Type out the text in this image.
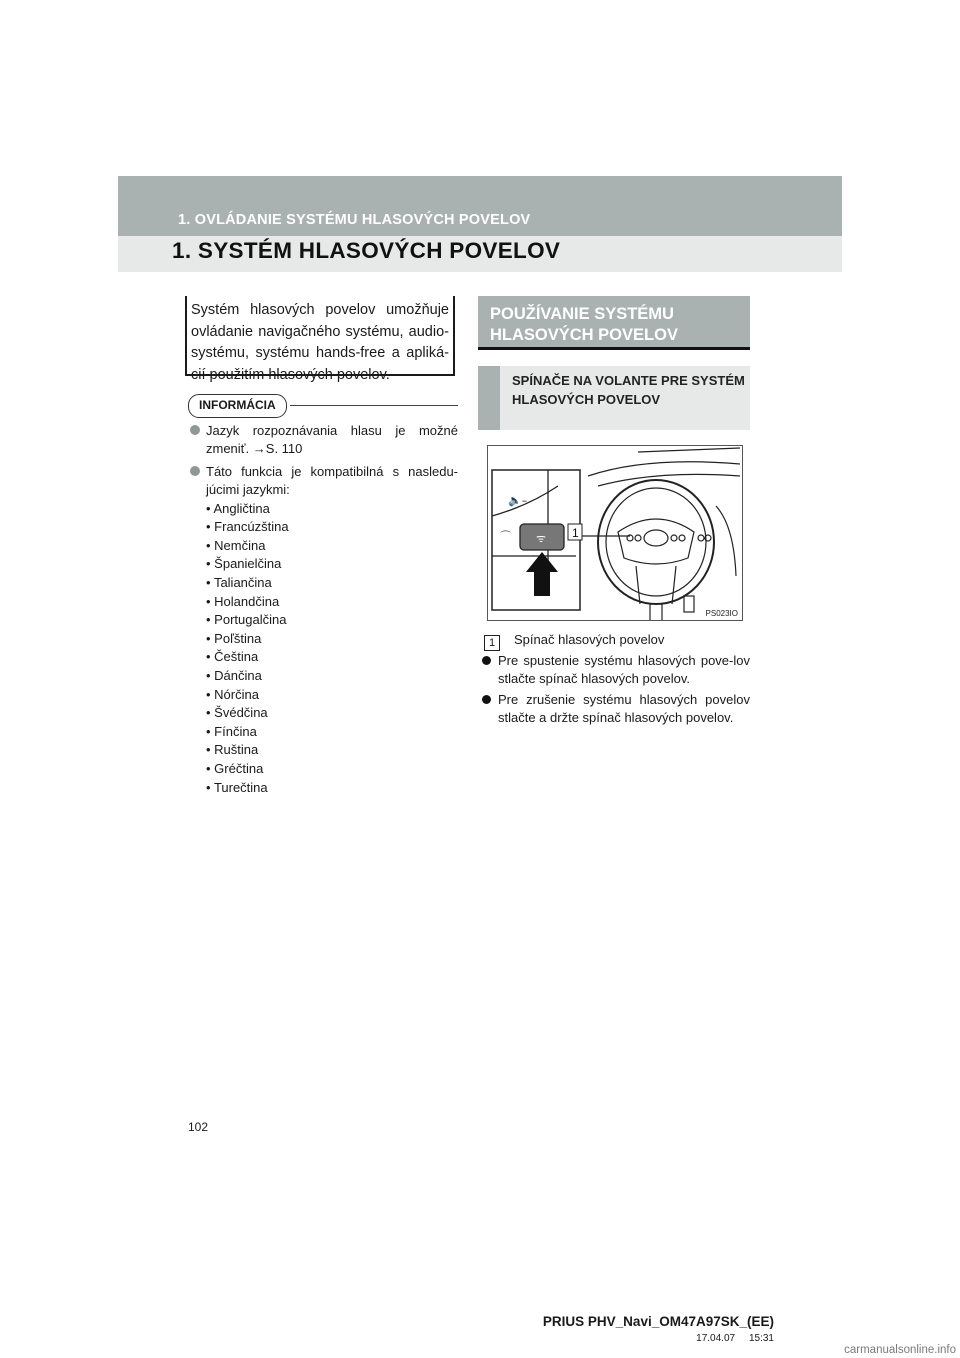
1. OVLÁDANIE SYSTÉMU HLASOVÝCH POVELOV
1. SYSTÉM HLASOVÝCH POVELOV
Systém hlasových povelov umožňuje ovládanie navigačného systému, audio-systému, systému hands-free a apliká-cií použitím hlasových povelov.
INFORMÁCIA
Jazyk rozpoznávania hlasu je možné zmeniť. →S. 110
Táto funkcia je kompatibilná s nasledu-júcimi jazykmi:
• Angličtina
• Francúzština
• Nemčina
• Španielčina
• Taliančina
• Holandčina
• Portugalčina
• Poľština
• Čeština
• Dánčina
• Nórčina
• Švédčina
• Fínčina
• Ruština
• Gréčtina
• Turečtina
POUŽÍVANIE SYSTÉMU HLASOVÝCH POVELOV
SPÍNAČE NA VOLANTE PRE SYSTÉM HLASOVÝCH POVELOV
🔈–
⌒ ᯤ 1
PS023IO
1 Spínač hlasových povelov
Pre spustenie systému hlasových pove-lov stlačte spínač hlasových povelov.
Pre zrušenie systému hlasových povelov stlačte a držte spínač hlasových povelov.
102
PRIUS PHV_Navi_OM47A97SK_(EE)
17.04.07     15:31
carmanualsonline.info
